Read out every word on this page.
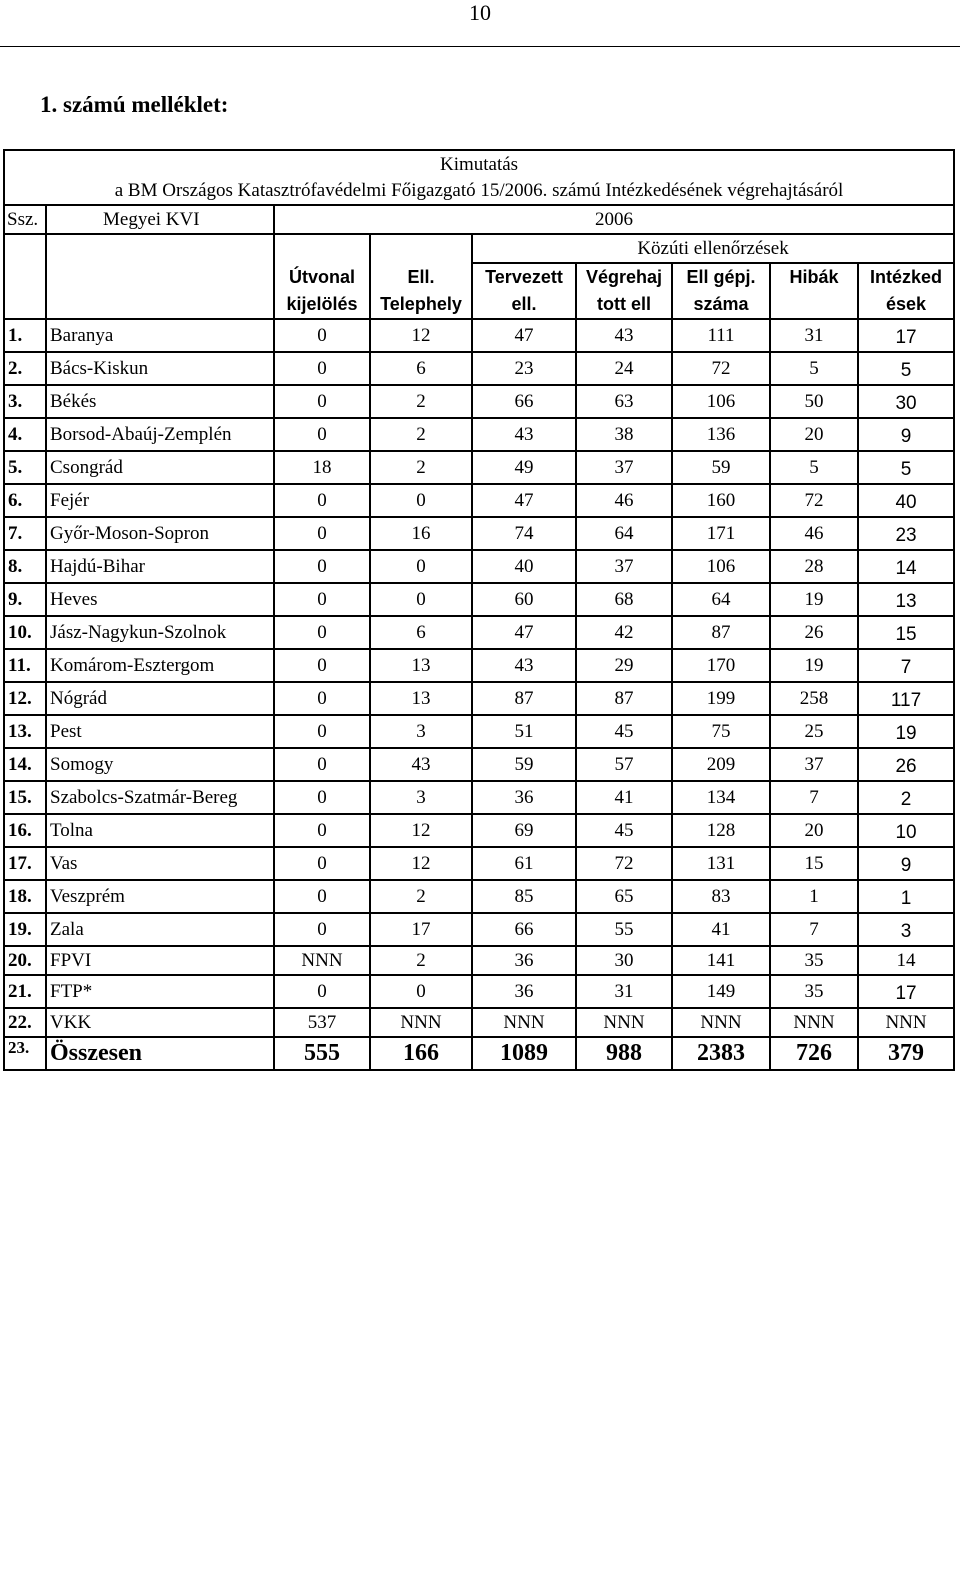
10
1. számú melléklet:
Kimutatás
a BM Országos Katasztrófavédelmi Főigazgató 15/2006. számú Intézkedésének végrehajtásáról								

Ssz.	Megyei KVI	2006						
				Közúti ellenőrzések				
		Útvonal	Ell.	Tervezett	Végrehaj	Ell gépj.	Hibák	Intézked
		kijelölés	Telephely	ell.	tott ell	száma		ések
1.	Baranya	0	12	47	43	111	31	17
2.	Bács-Kiskun	0	6	23	24	72	5	5
3.	Békés	0	2	66	63	106	50	30
4.	Borsod-Abaúj-Zemplén	0	2	43	38	136	20	9
5.	Csongrád	18	2	49	37	59	5	5
6.	Fejér	0	0	47	46	160	72	40
7.	Győr-Moson-Sopron	0	16	74	64	171	46	23
8.	Hajdú-Bihar	0	0	40	37	106	28	14
9.	Heves	0	0	60	68	64	19	13
10.	Jász-Nagykun-Szolnok	0	6	47	42	87	26	15
11.	Komárom-Esztergom	0	13	43	29	170	19	7
12.	Nógrád	0	13	87	87	199	258	117
13.	Pest	0	3	51	45	75	25	19
14.	Somogy	0	43	59	57	209	37	26
15.	Szabolcs-Szatmár-Bereg	0	3	36	41	134	7	2
16.	Tolna	0	12	69	45	128	20	10
17.	Vas	0	12	61	72	131	15	9
18.	Veszprém	0	2	85	65	83	1	1
19.	Zala	0	17	66	55	41	7	3
20.	FPVI	NNN	2	36	30	141	35	14
21.	FTP*	0	0	36	31	149	35	17
22.	VKK	537	NNN	NNN	NNN	NNN	NNN	NNN
23.	Összesen	555	166	1089	988	2383	726	379
